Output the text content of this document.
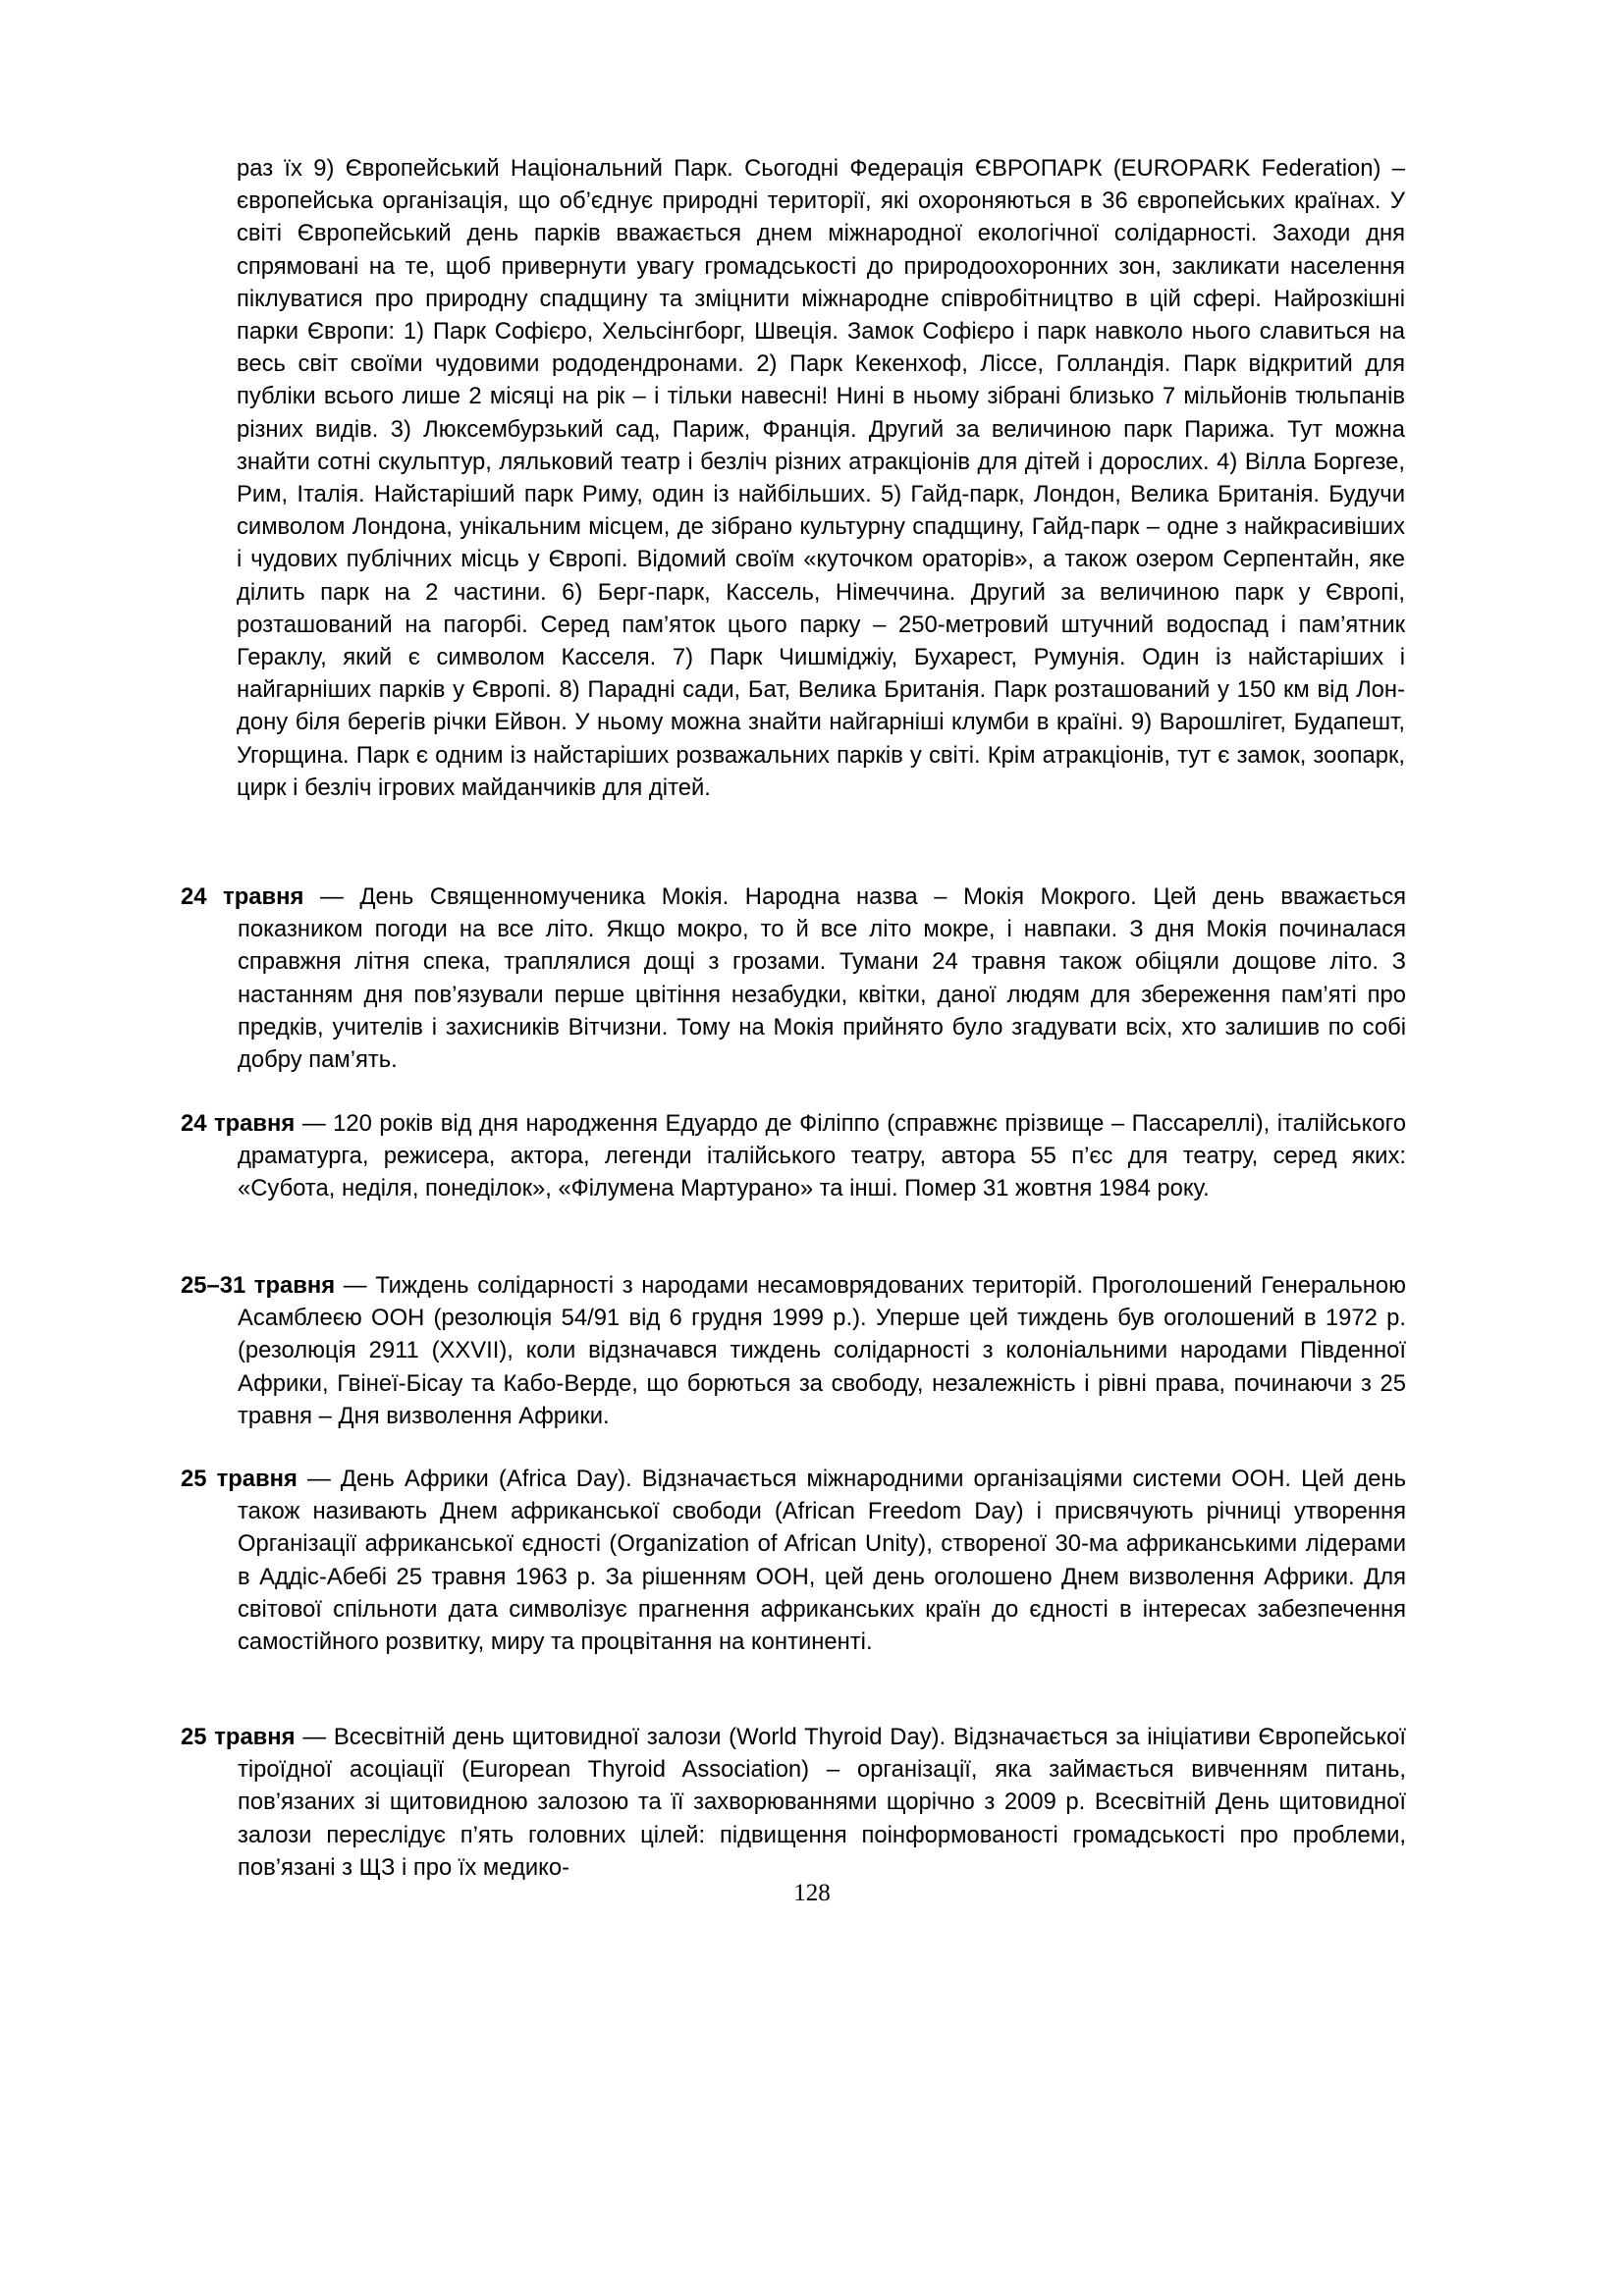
раз їх 9) Європейський Національний Парк. Сьогодні Федерація ЄВРОПАРК (EUROPARK Federation) – європейська організація, що об’єднує природні території, які охороняються в 36 європейських країнах. У світі Європейський день парків вважається днем міжнародної екологічної солідарності. Заходи дня спрямовані на те, щоб привернути увагу громадськості до природоохоронних зон, закликати населення піклуватися про природну спадщину та зміцнити міжнародне співробітництво в цій сфері. Найрозкішні парки Європи: 1) Парк Софієро, Хельсінгборг, Швеція. Замок Софієро і парк навколо нього славиться на весь світ своїми чудовими рододендронами. 2) Парк Кекенхоф, Ліссе, Голландія. Парк відкритий для публіки всього лише 2 місяці на рік – і тільки навесні! Нині в ньому зібрані близько 7 мільйонів тюльпанів різних видів. 3) Люксембурзький сад, Париж, Франція. Другий за величиною парк Парижа. Тут можна знайти сотні скульптур, ляльковий театр і безліч різних атракціонів для дітей і дорослих. 4) Вілла Боргезе, Рим, Італія. Найстаріший парк Риму, один із найбільших. 5) Гайд-парк, Лондон, Велика Британія. Будучи символом Лондона, унікальним місцем, де зібрано культурну спадщину, Гайд-парк – одне з найкрасивіших і чудових публічних місць у Європі. Відомий своїм «куточком ораторів», а також озером Серпентайн, яке ділить парк на 2 частини. 6) Берг-парк, Кассель, Німеччина. Другий за величиною парк у Європі, розташований на пагорбі. Серед пам’яток цього парку – 250-метровий штучний водоспад і пам’ятник Гераклу, який є символом Касселя. 7) Парк Чишміджіу, Бухарест, Румунія. Один із найстаріших і найгарніших парків у Європі. 8) Парадні сади, Бат, Велика Британія. Парк розташований у 150 км від Лондону біля берегів річки Ейвон. У ньому можна знайти найгарніші клумби в країні. 9) Варошлігет, Будапешт, Угорщина. Парк є одним із найстаріших розважальних парків у світі. Крім атракціонів, тут є замок, зоопарк, цирк і безліч ігрових майданчиків для дітей.

24 травня — День Священномученика Мокія. Народна назва – Мокія Мокрого. Цей день вважається показником погоди на все літо. Якщо мокро, то й все літо мокре, і навпаки. З дня Мокія починалася справжня літня спека, траплялися дощі з грозами. Тумани 24 травня також обіцяли дощове літо. З настанням дня пов’язували перше цвітіння незабудки, квітки, даної людям для збереження пам’яті про предків, учителів і захисників Вітчизни. Тому на Мокія прийнято було згадувати всіх, хто залишив по собі добру пам’ять.

24 травня — 120 років від дня народження Едуардо де Філіппо (справжнє прізвище – Пассареллі), італійського драматурга, режисера, актора, легенди італійського театру, автора 55 п’єс для театру, серед яких: «Субота, неділя, понеділок», «Філумена Мартурано» та інші. Помер 31 жовтня 1984 року.

25–31 травня — Тиждень солідарності з народами несамоврядованих територій. Проголошений Генеральною Асамблеєю ООН (резолюція 54/91 від 6 грудня 1999 р.). Уперше цей тиждень був оголошений в 1972 р. (резолюція 2911 (XXVII), коли відзначався тиждень солідарності з колоніальними народами Південної Африки, Гвінеї-Бісау та Кабо-Верде, що борються за свободу, незалежність і рівні права, починаючи з 25 травня – Дня визволення Африки.

25 травня — День Африки (Africa Day). Відзначається міжнародними організаціями системи ООН. Цей день також називають Днем африканської свободи (African Freedom Day) і присвячують річниці утворення Організації африканської єдності (Organization of African Unity), створеної 30-ма африканськими лідерами в Аддіс-Абебі 25 травня 1963 р. За рішенням ООН, цей день оголошено Днем визволення Африки. Для світової спільноти дата символізує прагнення африканських країн до єдності в інтересах забезпечення самостійного розвитку, миру та процвітання на континенті.

25 травня — Всесвітній день щитовидної залози (World Thyroid Day). Відзначається за ініціативи Європейської тіроїдної асоціації (European Thyroid Association) – організації, яка займається вивченням питань, пов’язаних зі щитовидною залозою та її захворюваннями щорічно з 2009 р. Всесвітній День щитовидної залози переслідує п’ять головних цілей: підвищення поінформованості громадськості про проблеми, пов’язані з ЩЗ і про їх медико-

128
